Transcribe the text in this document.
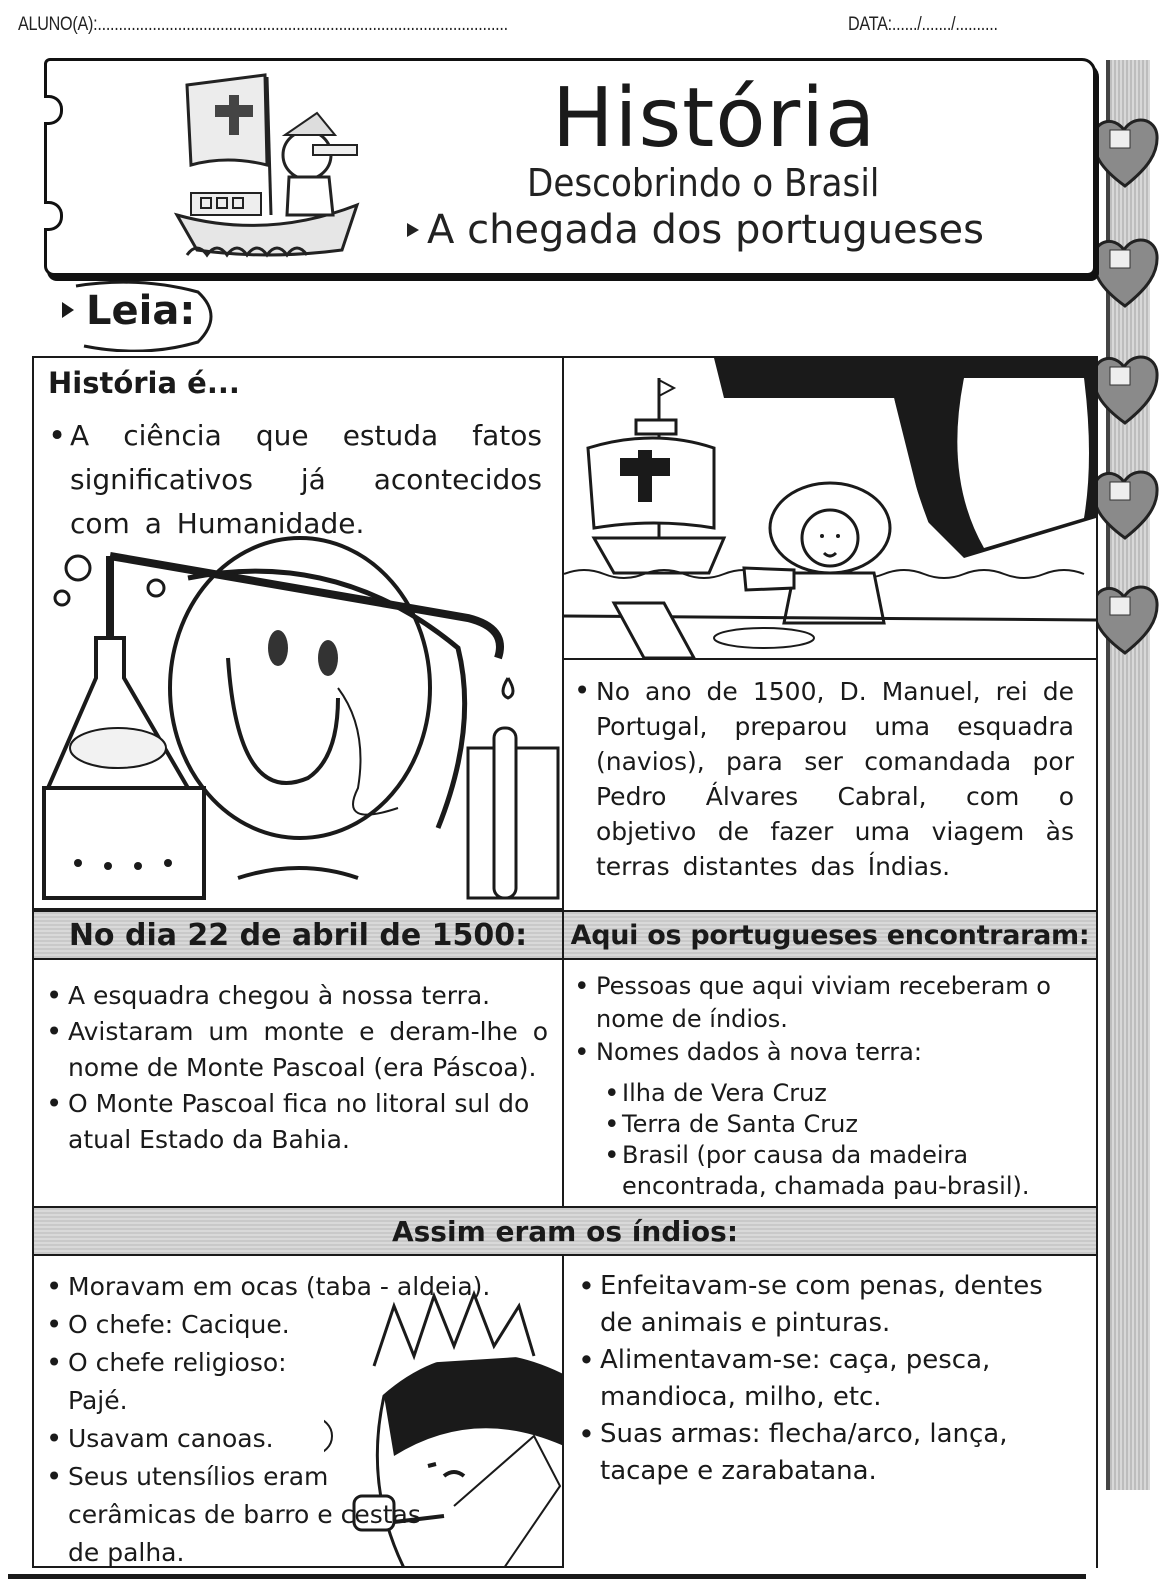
ALUNO(A):.................................................................................................	DATA:....../......./..........
História
Descobrindo o Brasil
A chegada dos portugueses
Leia:
História é...
• A ciência que estuda fatos significativos já acontecidos com a Humanidade.
• No ano de 1500, D. Manuel, rei de Portugal, preparou uma esquadra (navios), para ser comandada por Pedro Álvares Cabral, com o objetivo de fazer uma viagem às terras distantes das Índias.
No dia 22 de abril de 1500:	Aqui os portugueses encontraram:
• A esquadra chegou à nossa terra.
• Avistaram um monte e deram-lhe o nome de Monte Pascoal (era Páscoa).
• O Monte Pascoal fica no litoral sul do atual Estado da Bahia.
• Pessoas que aqui viviam receberam o nome de índios.
• Nomes dados à nova terra:
• Ilha de Vera Cruz
• Terra de Santa Cruz
• Brasil (por causa da madeira encontrada, chamada pau-brasil).
Assim eram os índios:
• Moravam em ocas (taba - aldeia).
• O chefe: Cacique.
• O chefe religioso: Pajé.
• Usavam canoas.
• Seus utensílios eram cerâmicas de barro e cestas de palha.
• Enfeitavam-se com penas, dentes de animais e pinturas.
• Alimentavam-se: caça, pesca, mandioca, milho, etc.
• Suas armas: flecha/arco, lança, tacape e zarabatana.
